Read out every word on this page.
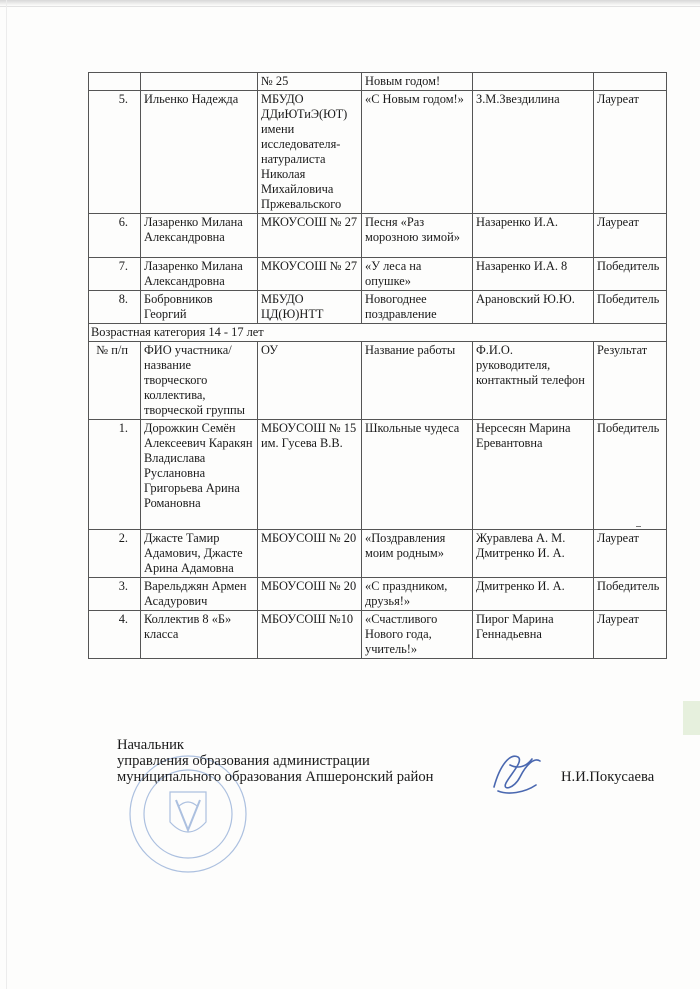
		№ 25	Новым годом!		
5.	Ильенко Надежда	МБУДО ДДиЮТиЭ(ЮТ) имени исследователя-натуралиста Николая Михайловича Пржевальского	«С Новым годом!»	З.М.Звездилина	Лауреат
6.	Лазаренко Милана Александровна	МКОУСОШ № 27	Песня «Раз морозною зимой»	Назаренко И.А.	Лауреат
7.	Лазаренко Милана Александровна	МКОУСОШ № 27	«У леса на опушке»	Назаренко И.А. 8	Победитель
8.	Бобровников Георгий	МБУДО ЦД(Ю)НТТ	Новогоднее поздравление	Арановский Ю.Ю.	Победитель
Возрастная категория 14 - 17 лет					
№ п/п	ФИО участника/ название творческого коллектива, творческой группы	ОУ	Название работы	Ф.И.О. руководителя, контактный телефон	Результат
1.	Дорожкин Семён Алексеевич Каракян Владислава Руслановна Григорьева Арина Романовна	МБОУСОШ № 15 им. Гусева В.В.	Школьные чудеса	Нерсесян Марина Еревантовна	Победитель
2.	Джасте Тамир Адамович, Джасте Арина Адамовна	МБОУСОШ № 20	«Поздравления моим родным»	Журавлева А. М. Дмитренко И. А.	Лауреат
3.	Варельджян Армен Асадурович	МБОУСОШ № 20	«С праздником, друзья!»	Дмитренко И. А.	Победитель
4.	Коллектив 8 «Б» класса	МБОУСОШ №10	«Счастливого Нового года, учитель!»	Пирог Марина Геннадьевна	Лауреат
Начальник
управления образования администрации
муниципального образования Апшеронский район	Н.И.Покусаева
